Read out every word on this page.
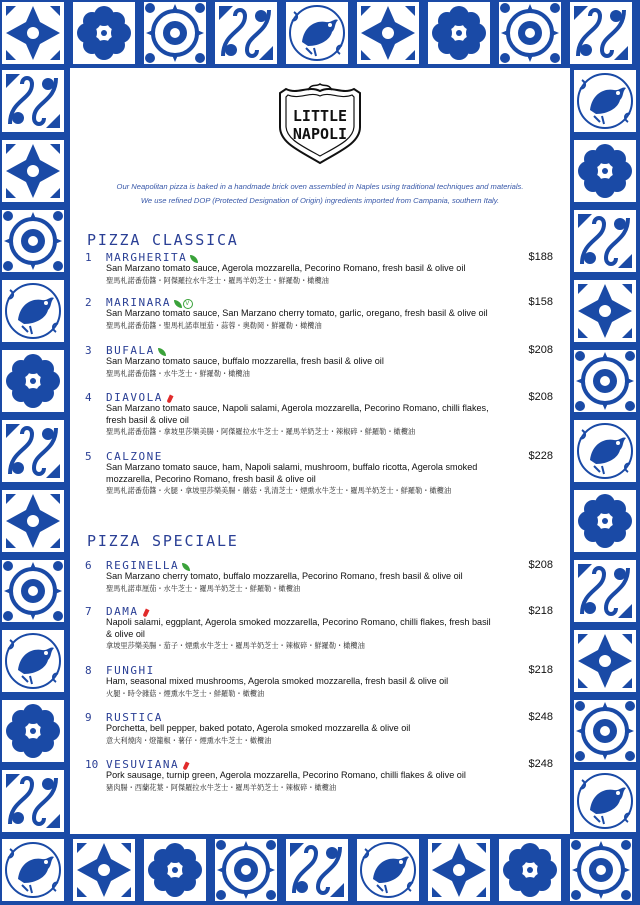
LITTLE
NAPOLI
Our Neapolitan pizza is baked in a handmade brick oven assembled in Naples using traditional techniques and materials.
We use refined DOP (Protected Designation of Origin) ingredients imported from Campania, southern Italy.
PIZZA CLASSICA
1 MARGHERITA	$188
San Marzano tomato sauce, Agerola mozzarella, Pecorino Romano, fresh basil & olive oil
聖馬札諾番茄醬・阿傑羅拉水牛芝士・羅馬羊奶芝士・鮮羅勒・橄欖油
2 MARINARA V	$158
San Marzano tomato sauce, San Marzano cherry tomato, garlic, oregano, fresh basil & olive oil
聖馬札諾番茄醬・聖馬札諾車厘茄・蒜蓉・奧勒岡・鮮羅勒・橄欖油
3 BUFALA	$208
San Marzano tomato sauce, buffalo mozzarella, fresh basil & olive oil
聖馬札諾番茄醬・水牛芝士・鮮羅勒・橄欖油
4 DIAVOLA	$208
San Marzano tomato sauce, Napoli salami, Agerola mozzarella, Pecorino Romano, chilli flakes, fresh basil & olive oil
聖馬札諾番茄醬・拿坡里莎樂美腸・阿傑羅拉水牛芝士・羅馬羊奶芝士・辣椒碎・鮮羅勒・橄欖油
5 CALZONE	$228
San Marzano tomato sauce, ham, Napoli salami, mushroom, buffalo ricotta, Agerola smoked mozzarella, Pecorino Romano, fresh basil & olive oil
聖馬札諾番茄醬・火腿・拿坡里莎樂美腸・蘑菇・乳清芝士・煙熏水牛芝士・羅馬羊奶芝士・鮮羅勒・橄欖油
PIZZA SPECIALE
6 REGINELLA	$208
San Marzano cherry tomato, buffalo mozzarella, Pecorino Romano, fresh basil & olive oil
聖馬札諾車厘茄・水牛芝士・羅馬羊奶芝士・鮮羅勒・橄欖油
7 DAMA	$218
Napoli salami, eggplant, Agerola smoked mozzarella, Pecorino Romano, chilli flakes, fresh basil & olive oil
拿坡里莎樂美腸・茄子・煙熏水牛芝士・羅馬羊奶芝士・辣椒碎・鮮羅勒・橄欖油
8 FUNGHI	$218
Ham, seasonal mixed mushrooms, Agerola smoked mozzarella, fresh basil & olive oil
火腿・時令雜菇・煙熏水牛芝士・鮮羅勒・橄欖油
9 RUSTICA	$248
Porchetta, bell pepper, baked potato, Agerola smoked mozzarella & olive oil
意大利燒肉・燈籠椒・薯仔・煙熏水牛芝士・橄欖油
10 VESUVIANA	$248
Pork sausage, turnip green, Agerola mozzarella, Pecorino Romano, chilli flakes & olive oil
豬肉腸・西蘭花葉・阿傑羅拉水牛芝士・羅馬羊奶芝士・辣椒碎・橄欖油
